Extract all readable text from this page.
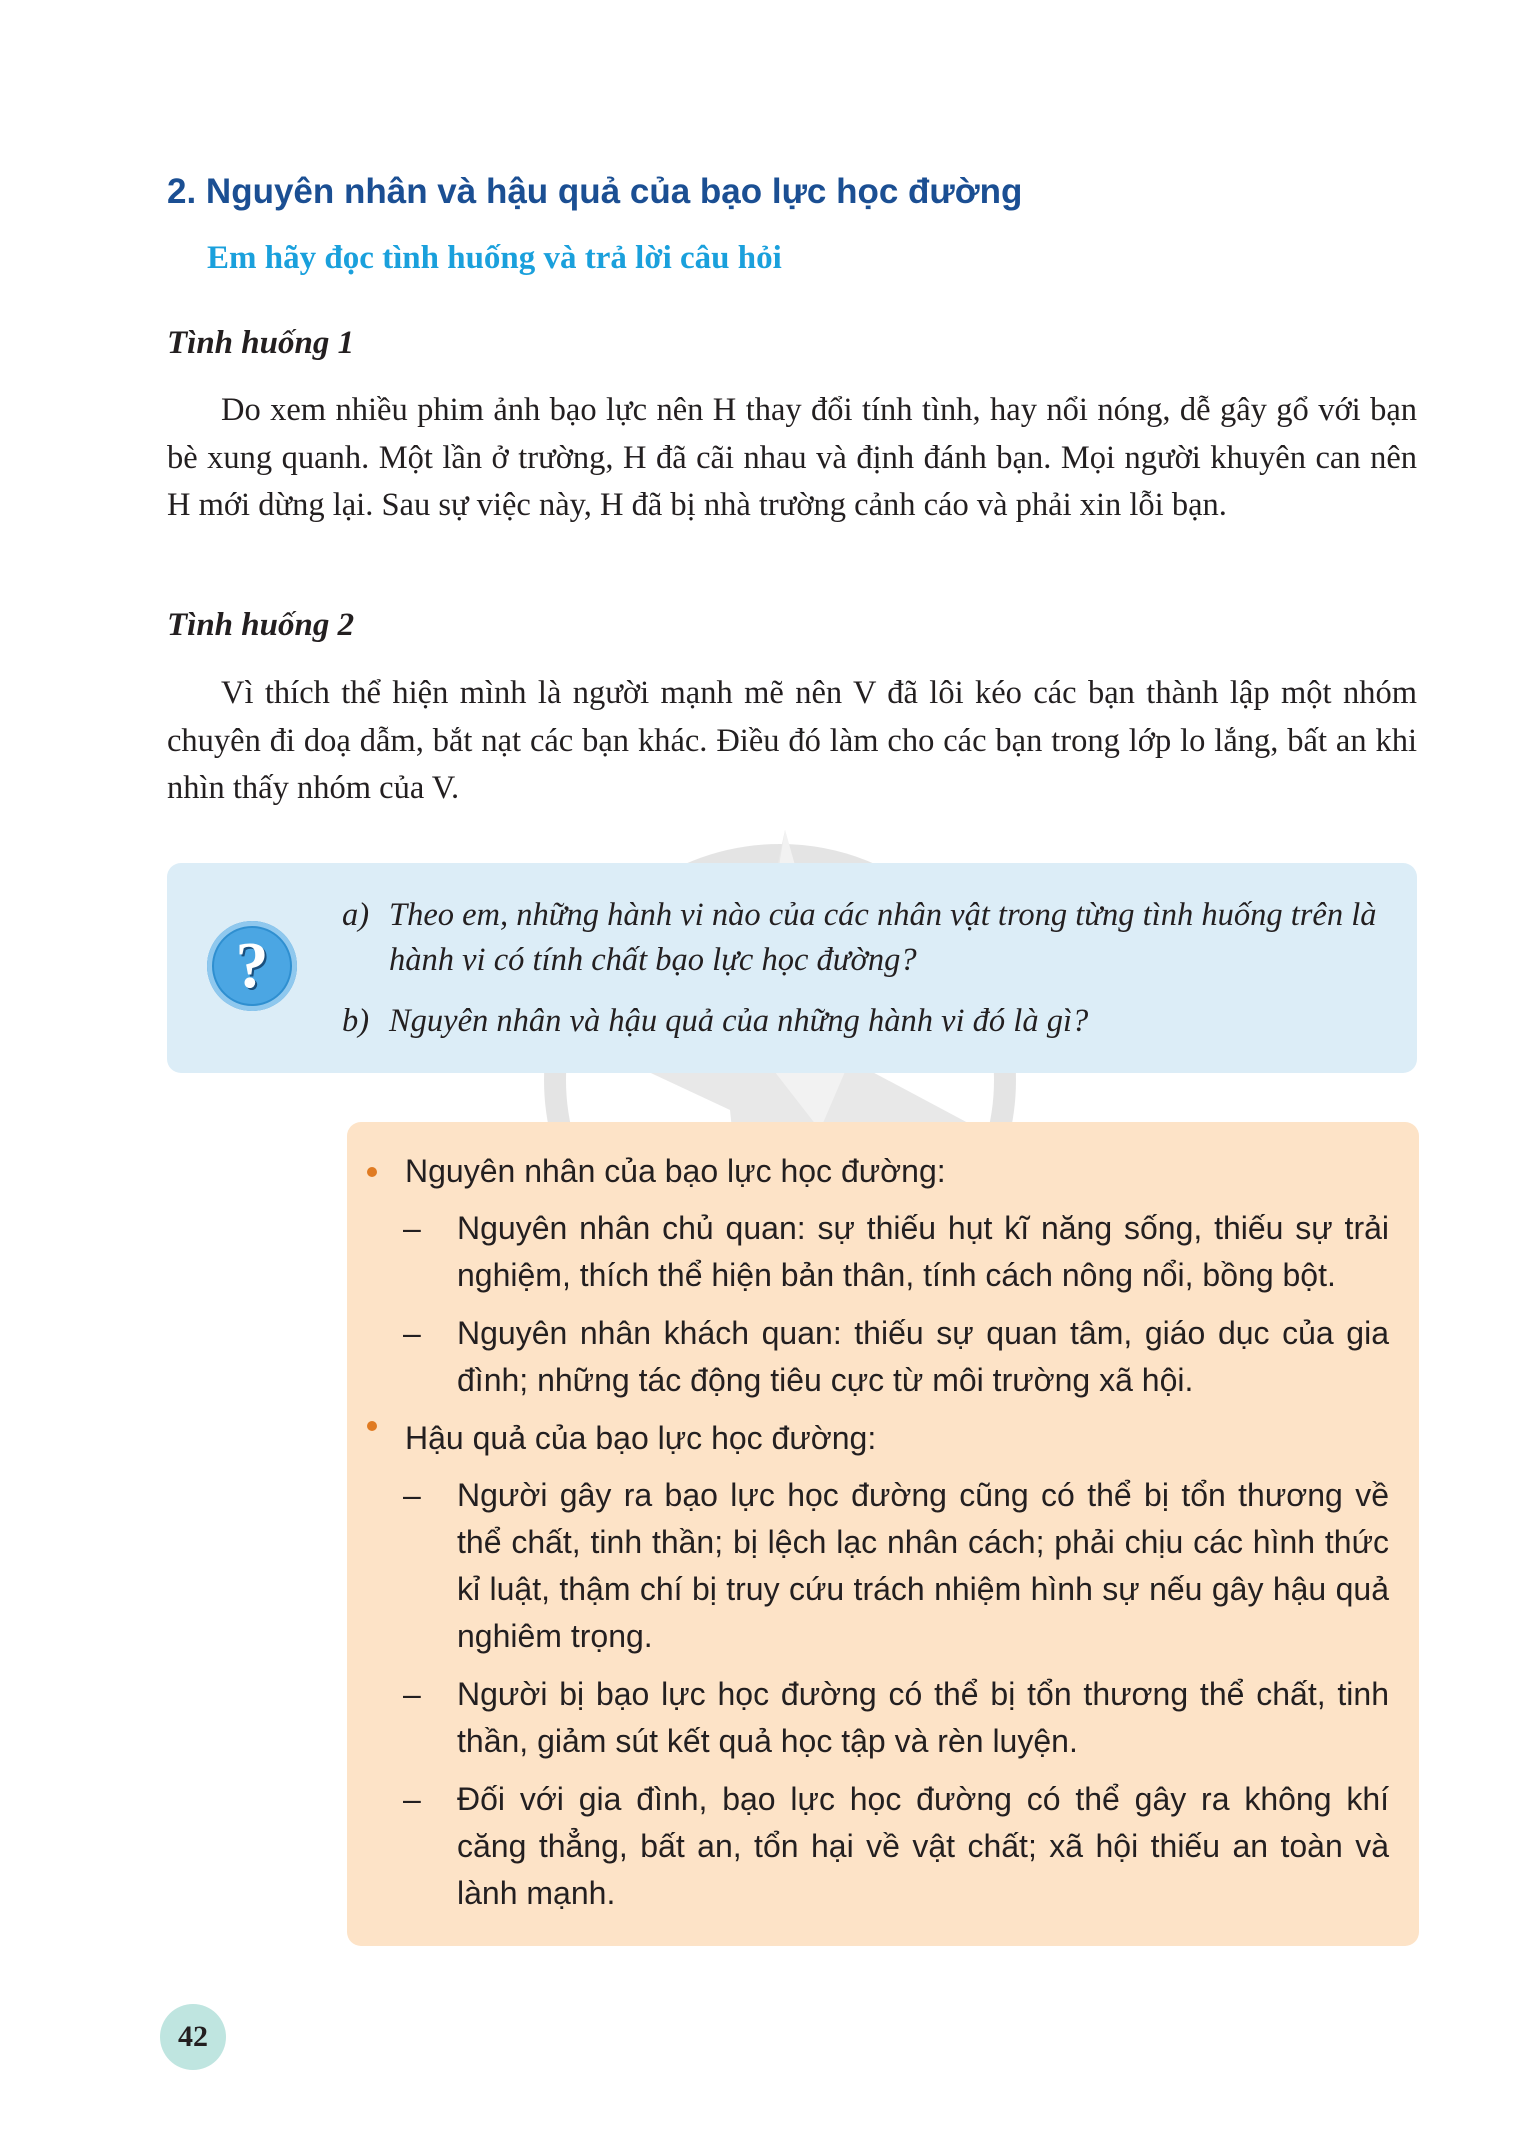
2. Nguyên nhân và hậu quả của bạo lực học đường

Em hãy đọc tình huống và trả lời câu hỏi

Tình huống 1

Do xem nhiều phim ảnh bạo lực nên H thay đổi tính tình, hay nổi nóng, dễ gây gổ với bạn bè xung quanh. Một lần ở trường, H đã cãi nhau và định đánh bạn. Mọi người khuyên can nên H mới dừng lại. Sau sự việc này, H đã bị nhà trường cảnh cáo và phải xin lỗi bạn.

Tình huống 2

Vì thích thể hiện mình là người mạnh mẽ nên V đã lôi kéo các bạn thành lập một nhóm chuyên đi doạ dẫm, bắt nạt các bạn khác. Điều đó làm cho các bạn trong lớp lo lắng, bất an khi nhìn thấy nhóm của V.

?
a) Theo em, những hành vi nào của các nhân vật trong từng tình huống trên là hành vi có tính chất bạo lực học đường?
b) Nguyên nhân và hậu quả của những hành vi đó là gì?
Nguyên nhân của bạo lực học đường:
– Nguyên nhân chủ quan: sự thiếu hụt kĩ năng sống, thiếu sự trải nghiệm, thích thể hiện bản thân, tính cách nông nổi, bồng bột.
– Nguyên nhân khách quan: thiếu sự quan tâm, giáo dục của gia đình; những tác động tiêu cực từ môi trường xã hội.
Hậu quả của bạo lực học đường:
– Người gây ra bạo lực học đường cũng có thể bị tổn thương về thể chất, tinh thần; bị lệch lạc nhân cách; phải chịu các hình thức kỉ luật, thậm chí bị truy cứu trách nhiệm hình sự nếu gây hậu quả nghiêm trọng.
– Người bị bạo lực học đường có thể bị tổn thương thể chất, tinh thần, giảm sút kết quả học tập và rèn luyện.
– Đối với gia đình, bạo lực học đường có thể gây ra không khí căng thẳng, bất an, tổn hại về vật chất; xã hội thiếu an toàn và lành mạnh.
42
